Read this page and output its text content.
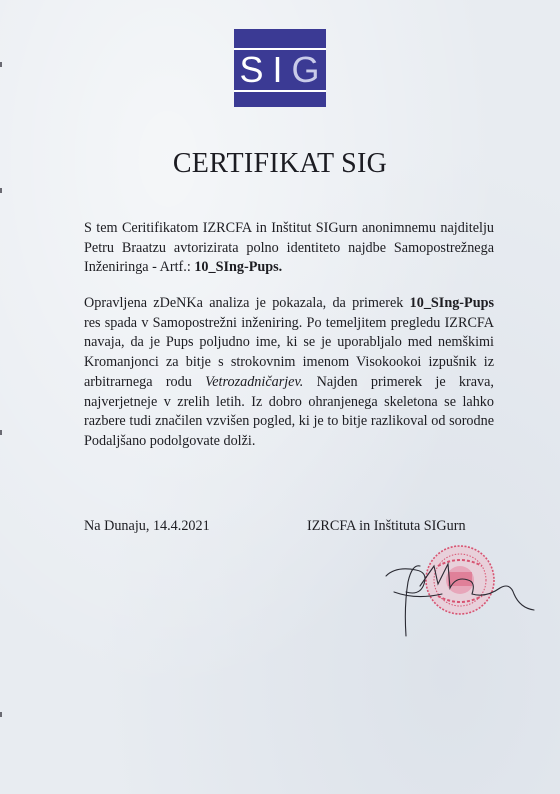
S I G
CERTIFIKAT SIG
S tem Ceritifikatom IZRCFA in Inštitut SIGurn anonimnemu najditelju Petru Braatzu avtorizirata polno identiteto najdbe Samopostrežnega Inženiringa - Artf.: 10_SIng-Pups.
Opravljena zDeNKa analiza je pokazala, da primerek 10_SIng-Pups res spada v Samopostrežni inženiring. Po temeljitem pregledu IZRCFA navaja, da je Pups poljudno ime, ki se je uporabljalo med nemškimi Kromanjonci za bitje s strokovnim imenom Visokookoi izpušnik iz arbitrarnega rodu Vetrozadničarjev. Najden primerek je krava, najverjetneje v zrelih letih. Iz dobro ohranjenega skeletona se lahko razbere tudi značilen vzvišen pogled, ki je to bitje razlikoval od sorodne Podaljšano podolgovate dolži.
Na Dunaju, 14.4.2021	IZRCFA in Inštituta SIGurn
